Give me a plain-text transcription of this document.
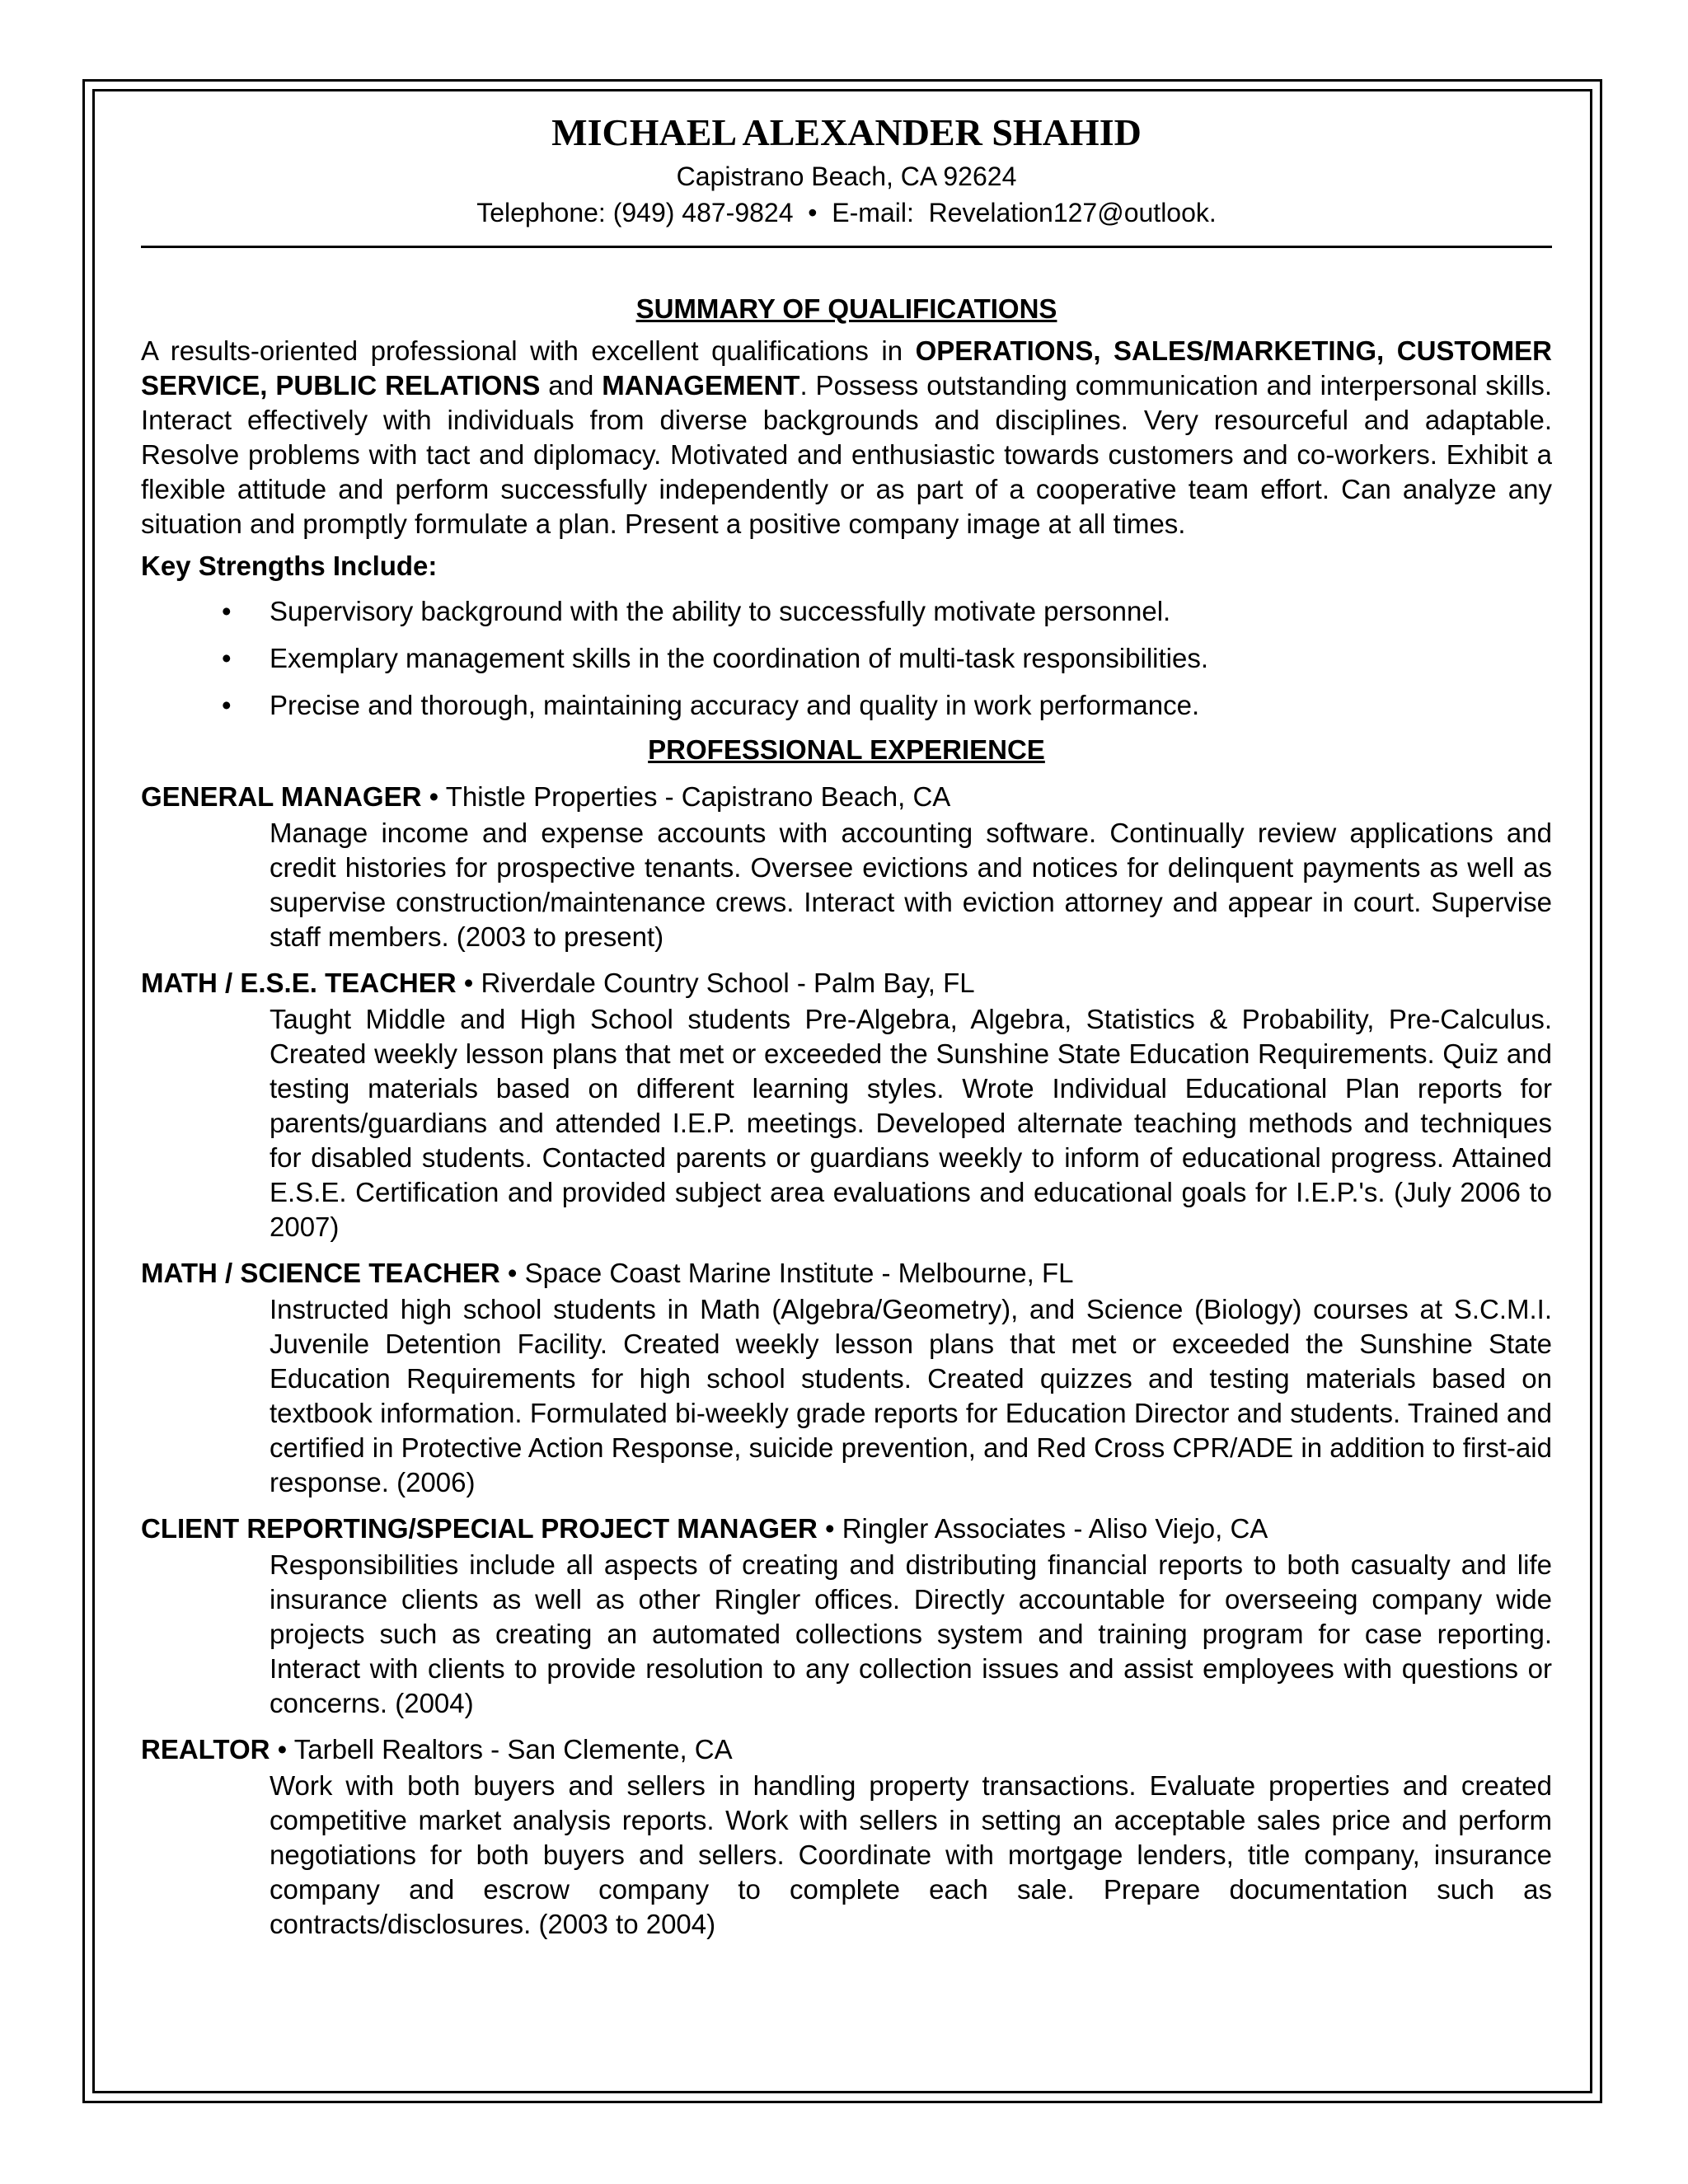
MICHAEL ALEXANDER SHAHID
Capistrano Beach, CA 92624
Telephone: (949) 487-9824 • E-mail: Revelation127@outlook.
SUMMARY OF QUALIFICATIONS
A results-oriented professional with excellent qualifications in OPERATIONS, SALES/MARKETING, CUSTOMER SERVICE, PUBLIC RELATIONS and MANAGEMENT. Possess outstanding communication and interpersonal skills. Interact effectively with individuals from diverse backgrounds and disciplines. Very resourceful and adaptable. Resolve problems with tact and diplomacy. Motivated and enthusiastic towards customers and co-workers. Exhibit a flexible attitude and perform successfully independently or as part of a cooperative team effort. Can analyze any situation and promptly formulate a plan. Present a positive company image at all times.
Key Strengths Include:
• Supervisory background with the ability to successfully motivate personnel.
• Exemplary management skills in the coordination of multi-task responsibilities.
• Precise and thorough, maintaining accuracy and quality in work performance.
PROFESSIONAL EXPERIENCE
GENERAL MANAGER • Thistle Properties - Capistrano Beach, CA
Manage income and expense accounts with accounting software. Continually review applications and credit histories for prospective tenants. Oversee evictions and notices for delinquent payments as well as supervise construction/maintenance crews. Interact with eviction attorney and appear in court. Supervise staff members. (2003 to present)
MATH / E.S.E. TEACHER • Riverdale Country School - Palm Bay, FL
Taught Middle and High School students Pre-Algebra, Algebra, Statistics & Probability, Pre-Calculus. Created weekly lesson plans that met or exceeded the Sunshine State Education Requirements. Quiz and testing materials based on different learning styles. Wrote Individual Educational Plan reports for parents/guardians and attended I.E.P. meetings. Developed alternate teaching methods and techniques for disabled students. Contacted parents or guardians weekly to inform of educational progress. Attained E.S.E. Certification and provided subject area evaluations and educational goals for I.E.P.'s. (July 2006 to 2007)
MATH / SCIENCE TEACHER • Space Coast Marine Institute - Melbourne, FL
Instructed high school students in Math (Algebra/Geometry), and Science (Biology) courses at S.C.M.I. Juvenile Detention Facility. Created weekly lesson plans that met or exceeded the Sunshine State Education Requirements for high school students. Created quizzes and testing materials based on textbook information. Formulated bi-weekly grade reports for Education Director and students. Trained and certified in Protective Action Response, suicide prevention, and Red Cross CPR/ADE in addition to first-aid response. (2006)
CLIENT REPORTING/SPECIAL PROJECT MANAGER • Ringler Associates - Aliso Viejo, CA
Responsibilities include all aspects of creating and distributing financial reports to both casualty and life insurance clients as well as other Ringler offices. Directly accountable for overseeing company wide projects such as creating an automated collections system and training program for case reporting. Interact with clients to provide resolution to any collection issues and assist employees with questions or concerns. (2004)
REALTOR • Tarbell Realtors - San Clemente, CA
Work with both buyers and sellers in handling property transactions. Evaluate properties and created competitive market analysis reports. Work with sellers in setting an acceptable sales price and perform negotiations for both buyers and sellers. Coordinate with mortgage lenders, title company, insurance company and escrow company to complete each sale. Prepare documentation such as contracts/disclosures. (2003 to 2004)
